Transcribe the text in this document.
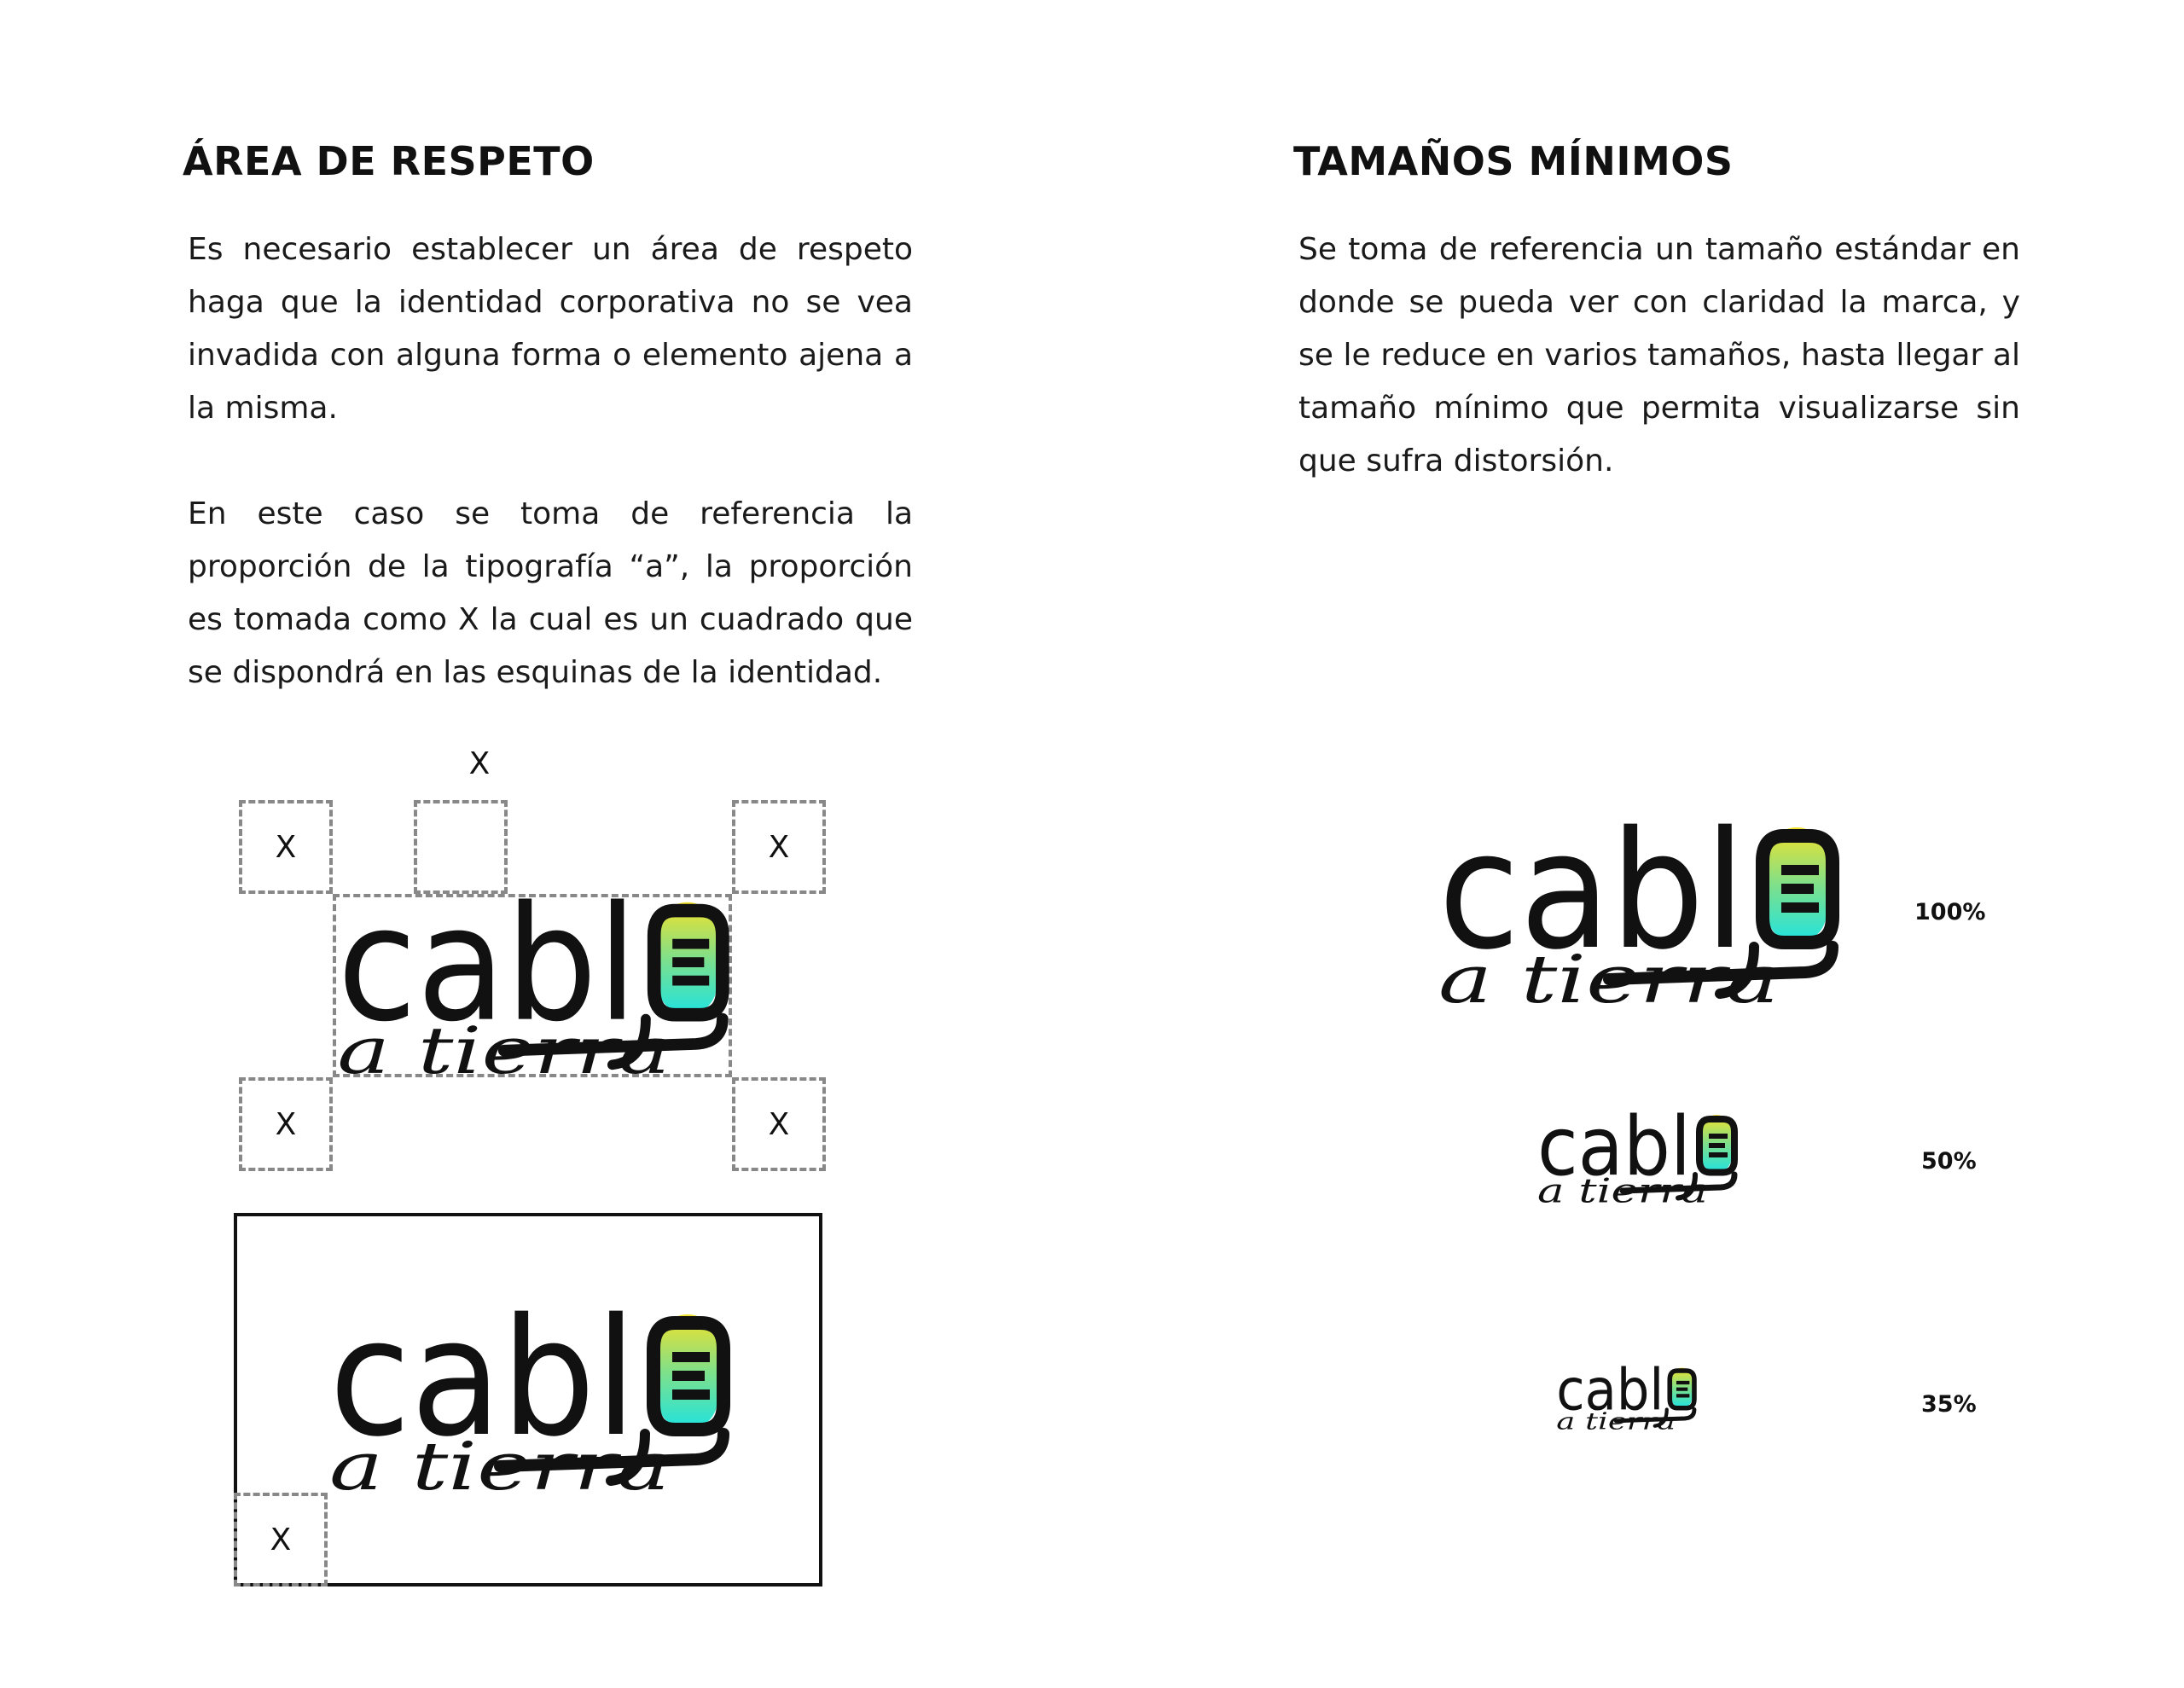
ÁREA DE RESPETO

Es necesario establecer un área de respeto haga que la identidad corporativa no se vea invadida con alguna forma o elemento ajena a la misma.

En este caso se toma de referencia la proporción de la tipografía “a”, la proporción es tomada como X la cual es un cuadrado que se dispondrá en las esquinas de la identidad.

X
X	X
X	X
X
TAMAÑOS MÍNIMOS

Se toma de referencia un tamaño estándar en donde se pueda ver con claridad la marca, y se le reduce en varios tamaños, hasta llegar al tamaño mínimo que permita visualizarse sin que sufra distorsión.

100%
50%
35%
